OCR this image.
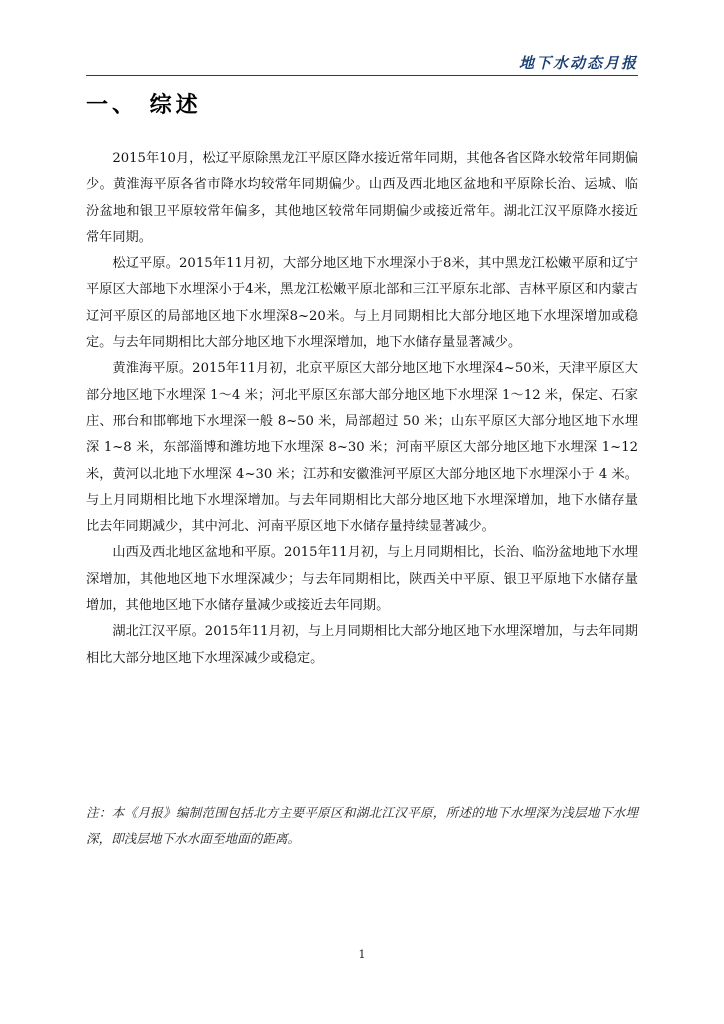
地下水动态月报
一、 综述

2015年10月，松辽平原除黑龙江平原区降水接近常年同期，其他各省区降水较常年同期偏少。黄淮海平原各省市降水均较常年同期偏少。山西及西北地区盆地和平原除长治、运城、临汾盆地和银卫平原较常年偏多，其他地区较常年同期偏少或接近常年。湖北江汉平原降水接近常年同期。

松辽平原。2015年11月初，大部分地区地下水埋深小于8米，其中黑龙江松嫩平原和辽宁平原区大部地下水埋深小于4米，黑龙江松嫩平原北部和三江平原东北部、吉林平原区和内蒙古辽河平原区的局部地区地下水埋深8~20米。与上月同期相比大部分地区地下水埋深增加或稳定。与去年同期相比大部分地区地下水埋深增加，地下水储存量显著减少。

黄淮海平原。2015年11月初，北京平原区大部分地区地下水埋深4~50米，天津平原区大部分地区地下水埋深 1～4 米；河北平原区东部大部分地区地下水埋深 1～12 米，保定、石家庄、邢台和邯郸地下水埋深一般 8~50 米，局部超过 50 米；山东平原区大部分地区地下水埋深 1~8 米，东部淄博和潍坊地下水埋深 8~30 米；河南平原区大部分地区地下水埋深 1~12 米，黄河以北地下水埋深 4~30 米；江苏和安徽淮河平原区大部分地区地下水埋深小于 4 米。与上月同期相比地下水埋深增加。与去年同期相比大部分地区地下水埋深增加，地下水储存量比去年同期减少，其中河北、河南平原区地下水储存量持续显著减少。

山西及西北地区盆地和平原。2015年11月初，与上月同期相比，长治、临汾盆地地下水埋深增加，其他地区地下水埋深减少；与去年同期相比，陕西关中平原、银卫平原地下水储存量增加，其他地区地下水储存量减少或接近去年同期。

湖北江汉平原。2015年11月初，与上月同期相比大部分地区地下水埋深增加，与去年同期相比大部分地区地下水埋深减少或稳定。

注：本《月报》编制范围包括北方主要平原区和湖北江汉平原，所述的地下水埋深为浅层地下水埋深，即浅层地下水水面至地面的距离。

1
